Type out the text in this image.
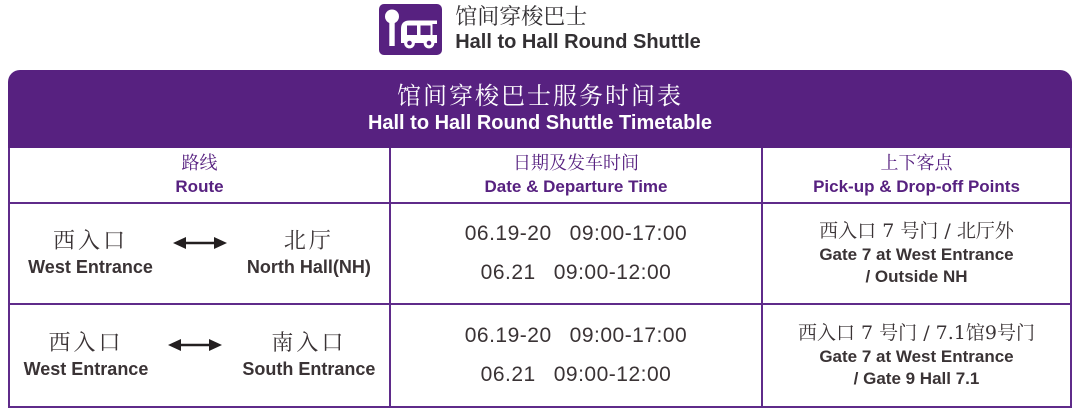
馆间穿梭巴士
Hall to Hall Round Shuttle
馆间穿梭巴士服务时间表
Hall to Hall Round Shuttle Timetable
路线
Route
日期及发车时间
Date & Departure Time
上下客点
Pick-up & Drop-off Points
西入口
West Entrance
北厅
North Hall(NH)
06.19-20 09:00-17:00
06.21 09:00-12:00
西入口 7 号门 / 北厅外
Gate 7 at West Entrance
/ Outside NH
西入口
West Entrance
南入口
South Entrance
06.19-20 09:00-17:00
06.21 09:00-12:00
西入口 7 号门 / 7.1馆9号门
Gate 7 at West Entrance
/ Gate 9 Hall 7.1
